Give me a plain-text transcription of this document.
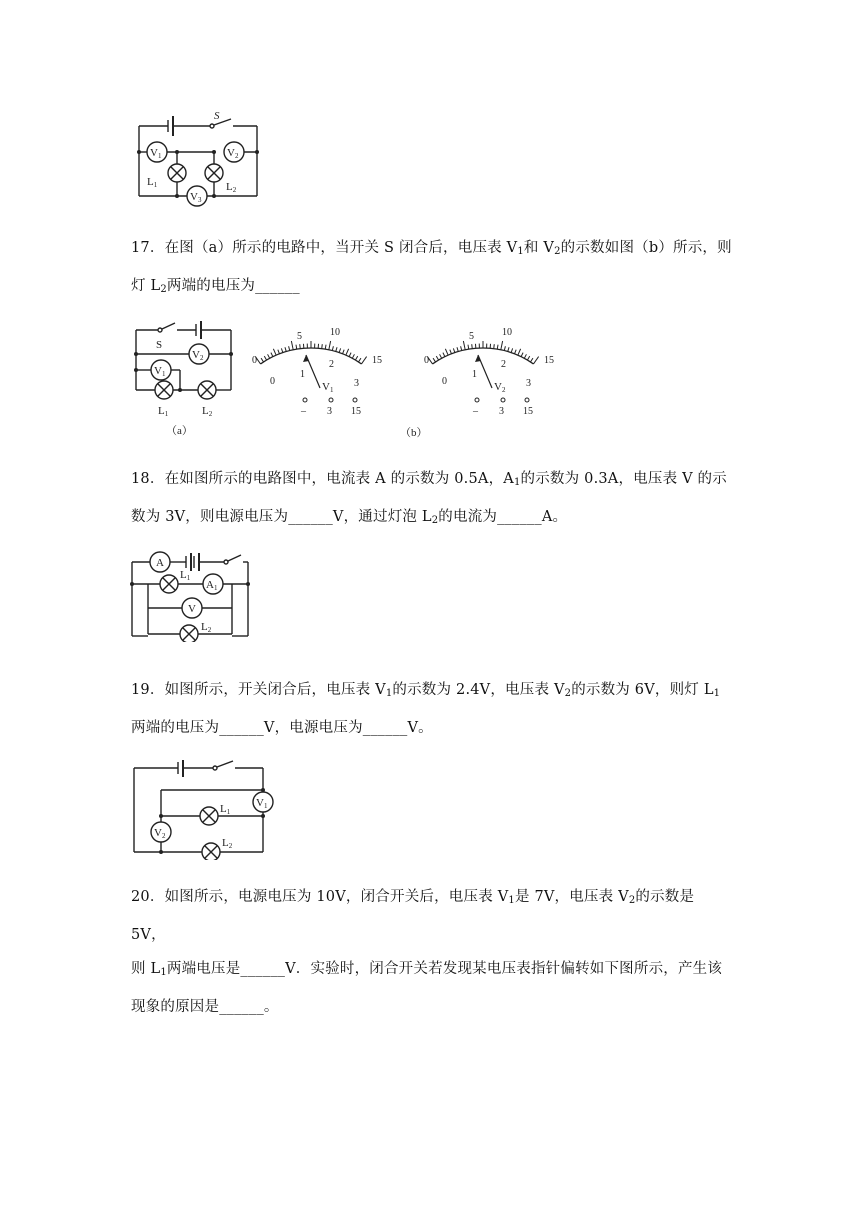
S
V1	V2
V3
L1	L2
17．在图（a）所示的电路中，当开关 S 闭合后，电压表 $V_1$和 $V_2$的示数如图（b）所示，则
灯 $L_2$两端的电压为______
S
V2
V1
L1	L2
（a）	（b）
0
5	10
15
0
1
2
3
V1
– 3 15
0
5	10
15
0
1
2
3
V2
– 3 15
18．在如图所示的电路图中，电流表 A 的示数为 0.5A，$A_1$的示数为 0.3A，电压表 V 的示
数为 3V，则电源电压为______V，通过灯泡 $L_2$的电流为______A。
A
A1
V
L1
L2
19．如图所示，开关闭合后，电压表 $V_1$的示数为 2.4V，电压表 $V_2$的示数为 6V，则灯 $L_1$
两端的电压为______V，电源电压为______V。
V1
V2
L1
L2
20．如图所示，电源电压为 10V，闭合开关后，电压表 $V_1$是 7V，电压表 $V_2$的示数是 5V，
则 $L_1$两端电压是______V．实验时，闭合开关若发现某电压表指针偏转如下图所示，产生该
现象的原因是______。
